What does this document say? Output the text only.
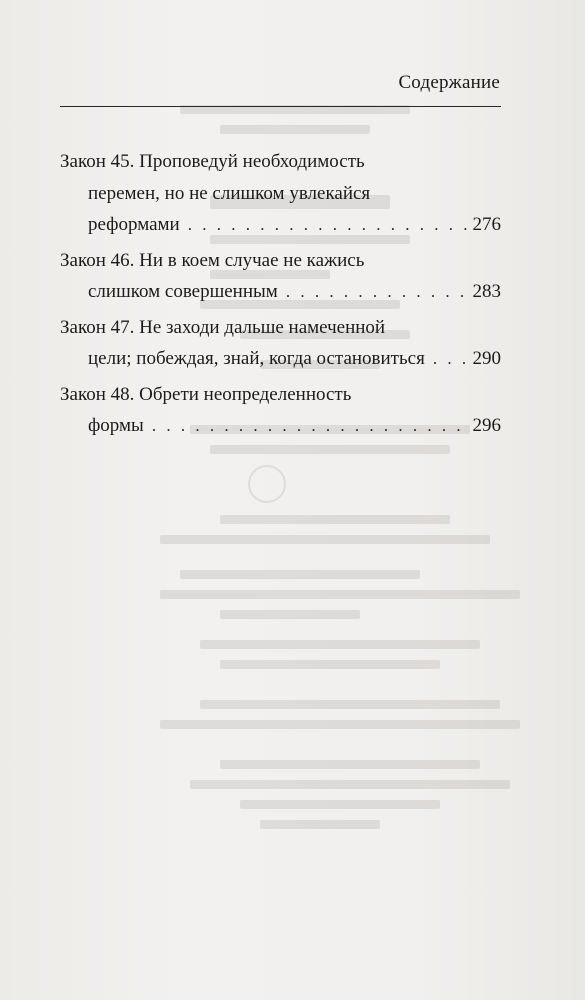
Содержание
Закон 45. Проповедуй необходимость
перемен, но не слишком увлекайся
реформами . . .	276
Закон 46. Ни в коем случае не кажись
слишком совершенным . . .	283
Закон 47. Не заходи дальше намеченной
цели; побеждая, знай, когда остановиться . . .	290
Закон 48. Обрети неопределенность
формы . . .	296
